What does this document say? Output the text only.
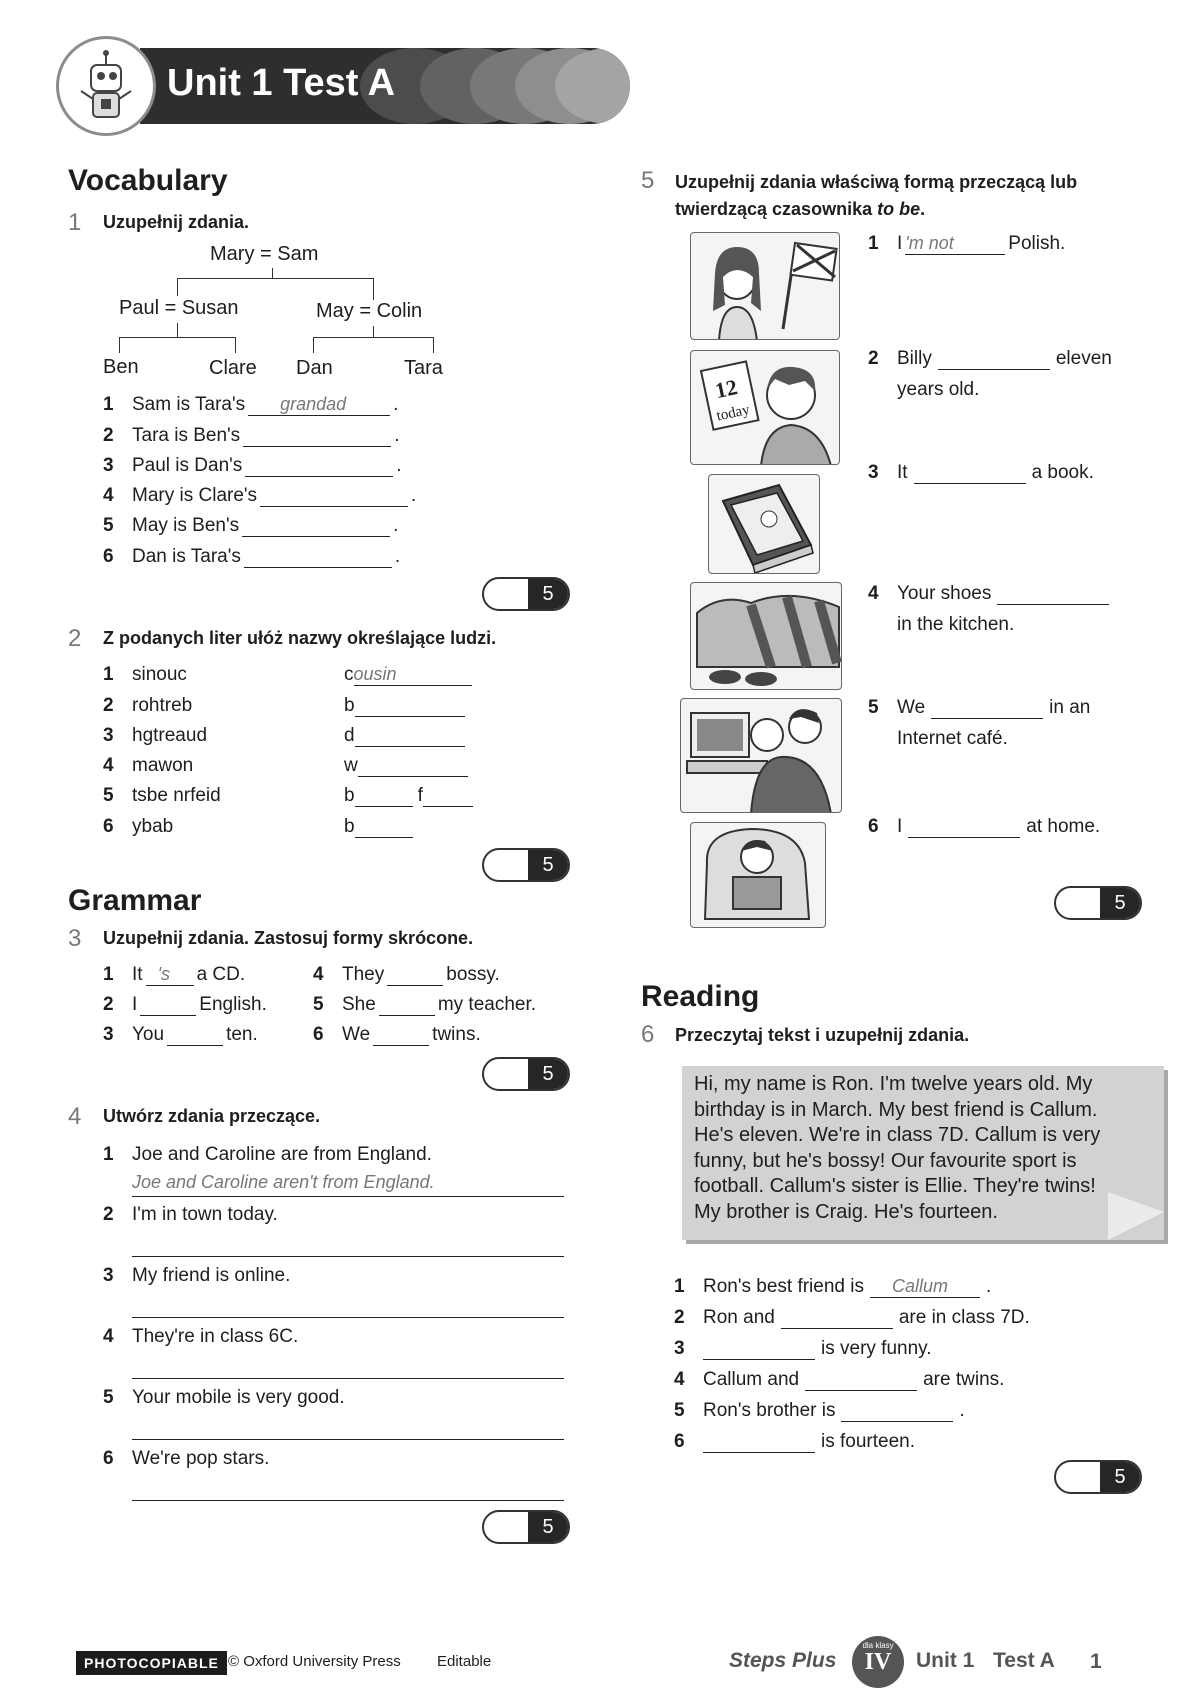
Unit 1 Test A
Vocabulary
1 Uzupełnij zdania.
Mary = Sam
Paul = Susan	May = Colin
Ben	Clare Dan	Tara
1 Sam is Tara's grandad .
2 Tara is Ben's	.
3 Paul is Dan's	.
4 Mary is Clare's	.
5 May is Ben's	.
6 Dan is Tara's	.
5
2 Z podanych liter ułóż nazwy określające ludzi.
1 sinouc	c ousin
2 rohtreb	b
3 hgtreaud	d
4 mawon	w
5 tsbe nrfeid	b	f
6 ybab	b
5
Grammar
3 Uzupełnij zdania. Zastosuj formy skrócone.
1 It 's a CD.
2 I	English.
3 You	ten.
4 They	bossy.
5 She	my teacher.
6 We	twins.
5
4 Utwórz zdania przeczące.
1 Joe and Caroline are from England.
Joe and Caroline aren't from England.
2 I'm in town today.
3 My friend is online.
4 They're in class 6C.
5 Your mobile is very good.
6 We're pop stars.
5
5 Uzupełnij zdania właściwą formą przeczącą lub
twierdzącą czasownika to be.
12
today
1 I 'm not	Polish.
2 Billy	eleven
years old.
3 It	a book.
4 Your shoes
in the kitchen.
5 We	in an
Internet café.
6 I	at home.
5
Reading
6 Przeczytaj tekst i uzupełnij zdania.
Hi, my name is Ron. I'm twelve years old. My
birthday is in March. My best friend is Callum.
He's eleven. We're in class 7D. Callum is very
funny, but he's bossy! Our favourite sport is
football. Callum's sister is Ellie. They're twins!
My brother is Craig. He's fourteen.
1 Ron's best friend is Callum .
2 Ron and	are in class 7D.
3	is very funny.
4 Callum and	are twins.
5 Ron's brother is	.
6	is fourteen.
5
PHOTOCOPIABLE © Oxford University Press Editable	Steps Plus
dla klasy
IV	Unit 1 Test A 1
